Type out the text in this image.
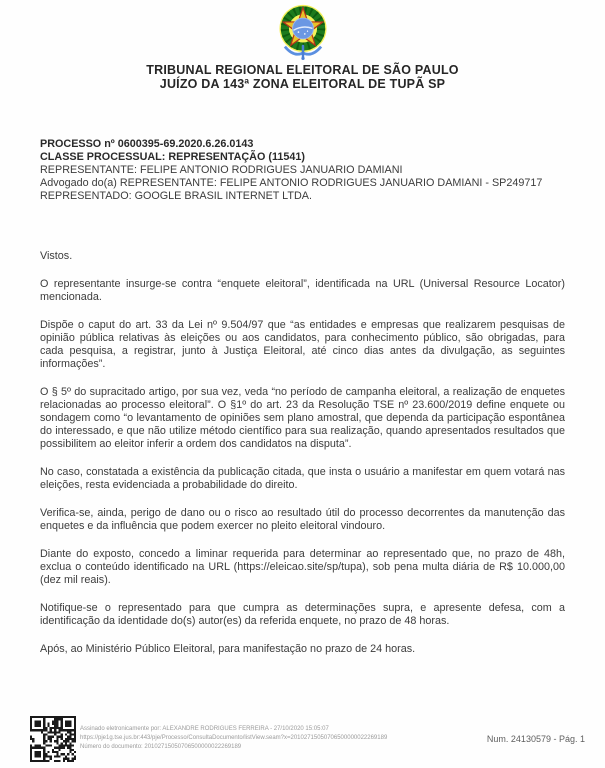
TRIBUNAL REGIONAL ELEITORAL DE SÃO PAULO
JUÍZO DA 143ª ZONA ELEITORAL DE TUPÃ SP
PROCESSO nº 0600395-69.2020.6.26.0143
CLASSE PROCESSUAL: REPRESENTAÇÃO (11541)
REPRESENTANTE: FELIPE ANTONIO RODRIGUES JANUARIO DAMIANI
Advogado do(a) REPRESENTANTE: FELIPE ANTONIO RODRIGUES JANUARIO DAMIANI - SP249717
REPRESENTADO: GOOGLE BRASIL INTERNET LTDA.

Vistos.

O representante insurge-se contra “enquete eleitoral”, identificada na URL (Universal Resource Locator) mencionada.

Dispõe o caput do art. 33 da Lei nº 9.504/97 que “as entidades e empresas que realizarem pesquisas de opinião pública relativas às eleições ou aos candidatos, para conhecimento público, são obrigadas, para cada pesquisa, a registrar, junto à Justiça Eleitoral, até cinco dias antes da divulgação, as seguintes informações”.

O § 5º do supracitado artigo, por sua vez, veda “no período de campanha eleitoral, a realização de enquetes relacionadas ao processo eleitoral”. O §1º do art. 23 da Resolução TSE nº 23.600/2019 define enquete ou sondagem como “o levantamento de opiniões sem plano amostral, que dependa da participação espontânea do interessado, e que não utilize método científico para sua realização, quando apresentados resultados que possibilitem ao eleitor inferir a ordem dos candidatos na disputa”.

No caso, constatada a existência da publicação citada, que insta o usuário a manifestar em quem votará nas eleições, resta evidenciada a probabilidade do direito.

Verifica-se, ainda, perigo de dano ou o risco ao resultado útil do processo decorrentes da manutenção das enquetes e da influência que podem exercer no pleito eleitoral vindouro.

Diante do exposto, concedo a liminar requerida para determinar ao representado que, no prazo de 48h, exclua o conteúdo identificado na URL (https://eleicao.site/sp/tupa), sob pena multa diária de R$ 10.000,00 (dez mil reais).

Notifique-se o representado para que cumpra as determinações supra, e apresente defesa, com a identificação da identidade do(s) autor(es) da referida enquete, no prazo de 48 horas.

Após, ao Ministério Público Eleitoral, para manifestação no prazo de 24 horas.

Assinado eletronicamente por: ALEXANDRE RODRIGUES FERREIRA - 27/10/2020 15:05:07
https://pje1g.tse.jus.br:443/pje/Processo/ConsultaDocumento/listView.seam?x=20102715050706500000022269189
Número do documento: 20102715050706500000022269189
Num. 24130579 - Pág. 1
